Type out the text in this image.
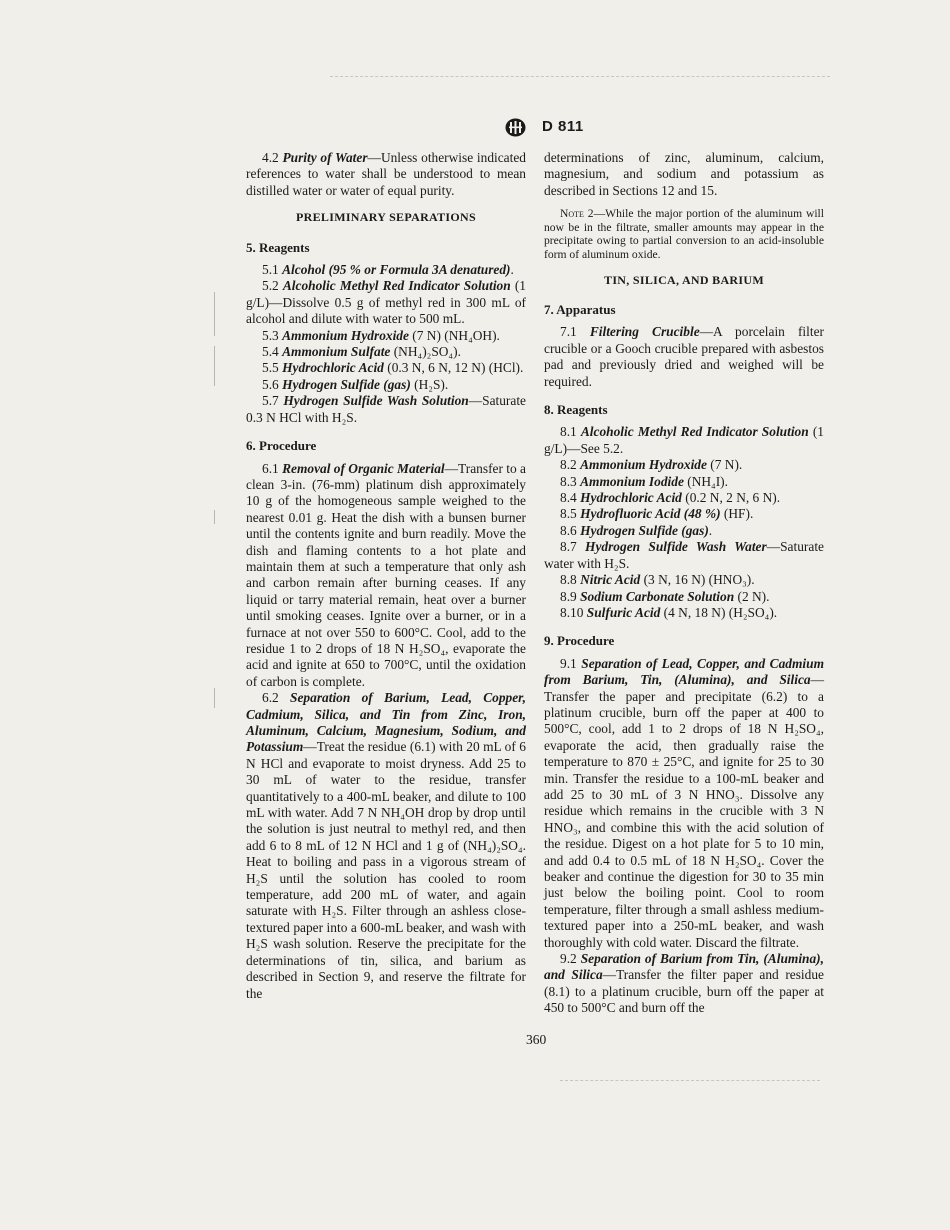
D 811

4.2 Purity of Water—Unless otherwise indicated references to water shall be understood to mean distilled water or water of equal purity.

PRELIMINARY SEPARATIONS
5. Reagents

5.1 Alcohol (95 % or Formula 3A denatured).

5.2 Alcoholic Methyl Red Indicator Solution (1 g/L)—Dissolve 0.5 g of methyl red in 300 mL of alcohol and dilute with water to 500 mL.

5.3 Ammonium Hydroxide (7 N) (NH₄OH).

5.4 Ammonium Sulfate (NH₄)₂SO₄).

5.5 Hydrochloric Acid (0.3 N, 6 N, 12 N) (HCl).

5.6 Hydrogen Sulfide (gas) (H₂S).

5.7 Hydrogen Sulfide Wash Solution—Saturate 0.3 N HCl with H₂S.

6. Procedure

6.1 Removal of Organic Material—Transfer to a clean 3-in. (76-mm) platinum dish approximately 10 g of the homogeneous sample weighed to the nearest 0.01 g. Heat the dish with a bunsen burner until the contents ignite and burn readily. Move the dish and flaming contents to a hot plate and maintain them at such a temperature that only ash and carbon remain after burning ceases. If any liquid or tarry material remain, heat over a burner until smoking ceases. Ignite over a burner, or in a furnace at not over 550 to 600°C. Cool, add to the residue 1 to 2 drops of 18 N H₂SO₄, evaporate the acid and ignite at 650 to 700°C, until the oxidation of carbon is complete.

6.2 Separation of Barium, Lead, Copper, Cadmium, Silica, and Tin from Zinc, Iron, Aluminum, Calcium, Magnesium, Sodium, and Potassium—Treat the residue (6.1) with 20 mL of 6 N HCl and evaporate to moist dryness. Add 25 to 30 mL of water to the residue, transfer quantitatively to a 400-mL beaker, and dilute to 100 mL with water. Add 7 N NH₄OH drop by drop until the solution is just neutral to methyl red, and then add 6 to 8 mL of 12 N HCl and 1 g of (NH₄)₂SO₄. Heat to boiling and pass in a vigorous stream of H₂S until the solution has cooled to room temperature, add 200 mL of water, and again saturate with H₂S. Filter through an ashless close-textured paper into a 600-mL beaker, and wash with H₂S wash solution. Reserve the precipitate for the determinations of tin, silica, and barium as described in Section 9, and reserve the filtrate for the

determinations of zinc, aluminum, calcium, magnesium, and sodium and potassium as described in Sections 12 and 15.

Note 2—While the major portion of the aluminum will now be in the filtrate, smaller amounts may appear in the precipitate owing to partial conversion to an acid-insoluble form of aluminum oxide.
TIN, SILICA, AND BARIUM
7. Apparatus

7.1 Filtering Crucible—A porcelain filter crucible or a Gooch crucible prepared with asbestos pad and previously dried and weighed will be required.

8. Reagents

8.1 Alcoholic Methyl Red Indicator Solution (1 g/L)—See 5.2.

8.2 Ammonium Hydroxide (7 N).

8.3 Ammonium Iodide (NH₄I).

8.4 Hydrochloric Acid (0.2 N, 2 N, 6 N).

8.5 Hydrofluoric Acid (48 %) (HF).

8.6 Hydrogen Sulfide (gas).

8.7 Hydrogen Sulfide Wash Water—Saturate water with H₂S.

8.8 Nitric Acid (3 N, 16 N) (HNO₃).

8.9 Sodium Carbonate Solution (2 N).

8.10 Sulfuric Acid (4 N, 18 N) (H₂SO₄).

9. Procedure

9.1 Separation of Lead, Copper, and Cadmium from Barium, Tin, (Alumina), and Silica—Transfer the paper and precipitate (6.2) to a platinum crucible, burn off the paper at 400 to 500°C, cool, add 1 to 2 drops of 18 N H₂SO₄, evaporate the acid, then gradually raise the temperature to 870 ± 25°C, and ignite for 25 to 30 min. Transfer the residue to a 100-mL beaker and add 25 to 30 mL of 3 N HNO₃. Dissolve any residue which remains in the crucible with 3 N HNO₃, and combine this with the acid solution of the residue. Digest on a hot plate for 5 to 10 min, and add 0.4 to 0.5 mL of 18 N H₂SO₄. Cover the beaker and continue the digestion for 30 to 35 min just below the boiling point. Cool to room temperature, filter through a small ashless medium-textured paper into a 250-mL beaker, and wash thoroughly with cold water. Discard the filtrate.

9.2 Separation of Barium from Tin, (Alumina), and Silica—Transfer the filter paper and residue (8.1) to a platinum crucible, burn off the paper at 450 to 500°C and burn off the

360
